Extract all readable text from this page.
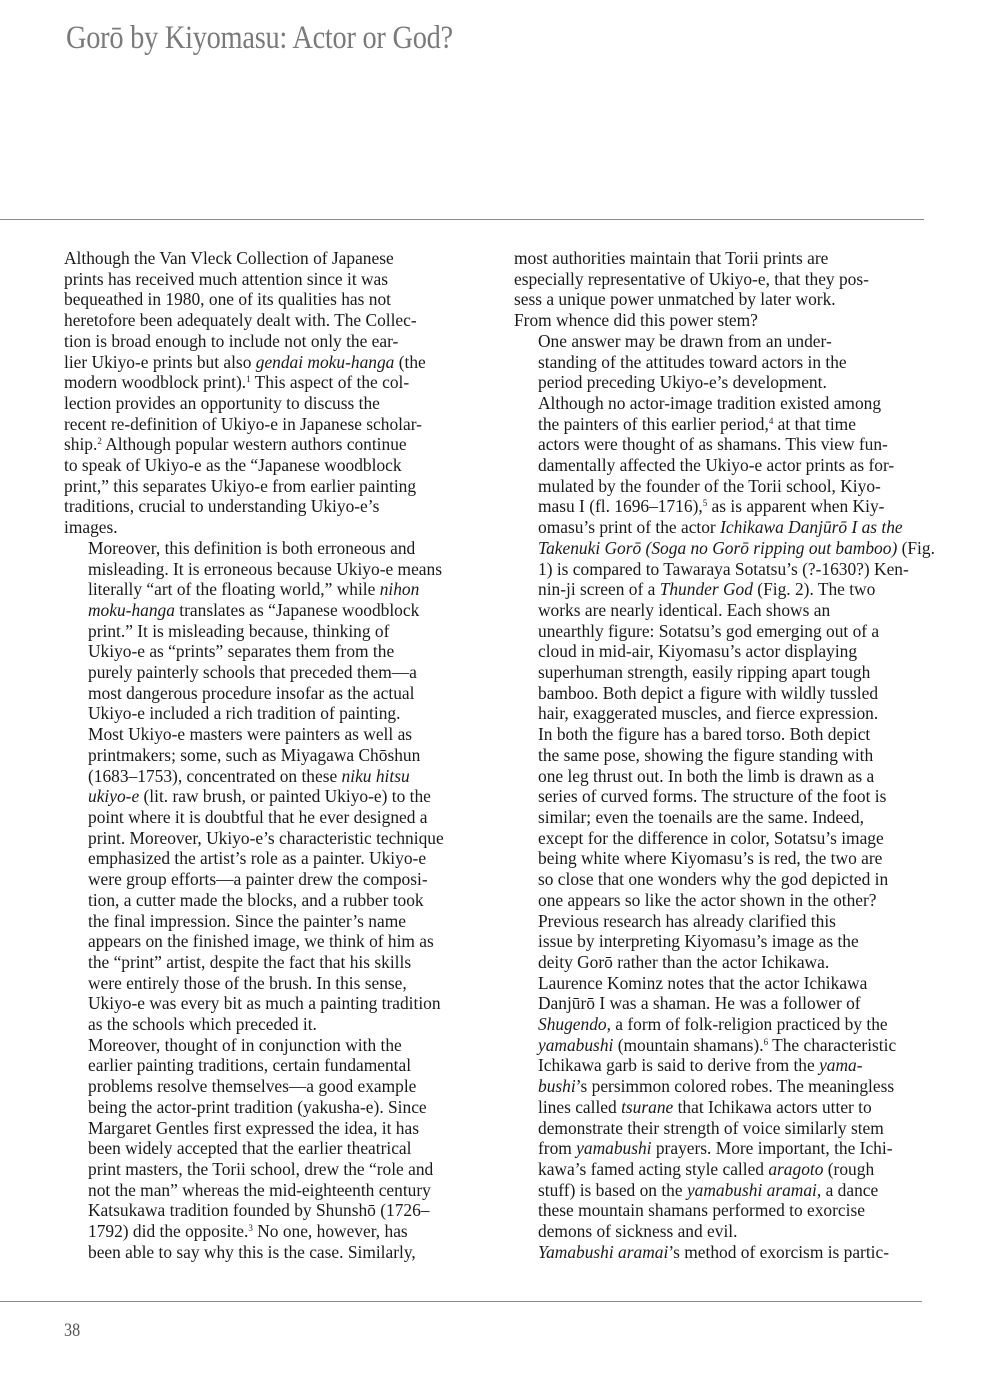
Gorō by Kiyomasu: Actor or God?

Although the Van Vleck Collection of Japanese
prints has received much attention since it was
bequeathed in 1980, one of its qualities has not
heretofore been adequately dealt with. The Collec-
tion is broad enough to include not only the ear-
lier Ukiyo-e prints but also gendai moku-hanga (the
modern woodblock print).$^1$ This aspect of the col-
lection provides an opportunity to discuss the
recent re-definition of Ukiyo-e in Japanese scholar-
ship.$^2$ Although popular western authors continue
to speak of Ukiyo-e as the “Japanese woodblock
print,” this separates Ukiyo-e from earlier painting
traditions, crucial to understanding Ukiyo-e’s
images.

Moreover, this definition is both erroneous and
misleading. It is erroneous because Ukiyo-e means
literally “art of the floating world,” while nihon
moku-hanga translates as “Japanese woodblock
print.” It is misleading because, thinking of
Ukiyo-e as “prints” separates them from the
purely painterly schools that preceded them—a
most dangerous procedure insofar as the actual
Ukiyo-e included a rich tradition of painting.

Most Ukiyo-e masters were painters as well as
printmakers; some, such as Miyagawa Chōshun
(1683–1753), concentrated on these niku hitsu
ukiyo-e (lit. raw brush, or painted Ukiyo-e) to the
point where it is doubtful that he ever designed a
print. Moreover, Ukiyo-e’s characteristic technique
emphasized the artist’s role as a painter. Ukiyo-e
were group efforts—a painter drew the composi-
tion, a cutter made the blocks, and a rubber took
the final impression. Since the painter’s name
appears on the finished image, we think of him as
the “print” artist, despite the fact that his skills
were entirely those of the brush. In this sense,
Ukiyo-e was every bit as much a painting tradition
as the schools which preceded it.

Moreover, thought of in conjunction with the
earlier painting traditions, certain fundamental
problems resolve themselves—a good example
being the actor-print tradition (yakusha-e). Since
Margaret Gentles first expressed the idea, it has
been widely accepted that the earlier theatrical
print masters, the Torii school, drew the “role and
not the man” whereas the mid-eighteenth century
Katsukawa tradition founded by Shunshō (1726–
1792) did the opposite.$^3$ No one, however, has
been able to say why this is the case. Similarly,

most authorities maintain that Torii prints are
especially representative of Ukiyo-e, that they pos-
sess a unique power unmatched by later work.
From whence did this power stem?

One answer may be drawn from an under-
standing of the attitudes toward actors in the
period preceding Ukiyo-e’s development.
Although no actor-image tradition existed among
the painters of this earlier period,$^4$ at that time
actors were thought of as shamans. This view fun-
damentally affected the Ukiyo-e actor prints as for-
mulated by the founder of the Torii school, Kiyo-
masu I (fl. 1696–1716),$^5$ as is apparent when Kiy-
omasu’s print of the actor Ichikawa Danjūrō I as the
Takenuki Gorō (Soga no Gorō ripping out bamboo) (Fig.
1) is compared to Tawaraya Sotatsu’s (?-1630?) Ken-
nin-ji screen of a Thunder God (Fig. 2). The two
works are nearly identical. Each shows an
unearthly figure: Sotatsu’s god emerging out of a
cloud in mid-air, Kiyomasu’s actor displaying
superhuman strength, easily ripping apart tough
bamboo. Both depict a figure with wildly tussled
hair, exaggerated muscles, and fierce expression.
In both the figure has a bared torso. Both depict
the same pose, showing the figure standing with
one leg thrust out. In both the limb is drawn as a
series of curved forms. The structure of the foot is
similar; even the toenails are the same. Indeed,
except for the difference in color, Sotatsu’s image
being white where Kiyomasu’s is red, the two are
so close that one wonders why the god depicted in
one appears so like the actor shown in the other?

Previous research has already clarified this
issue by interpreting Kiyomasu’s image as the
deity Gorō rather than the actor Ichikawa.
Laurence Kominz notes that the actor Ichikawa
Danjūrō I was a shaman. He was a follower of
Shugendo, a form of folk-religion practiced by the
yamabushi (mountain shamans).$^6$ The characteristic
Ichikawa garb is said to derive from the yama-
bushi’s persimmon colored robes. The meaningless
lines called tsurane that Ichikawa actors utter to
demonstrate their strength of voice similarly stem
from yamabushi prayers. More important, the Ichi-
kawa’s famed acting style called aragoto (rough
stuff) is based on the yamabushi aramai, a dance
these mountain shamans performed to exorcise
demons of sickness and evil.

Yamabushi aramai’s method of exorcism is partic-

38
